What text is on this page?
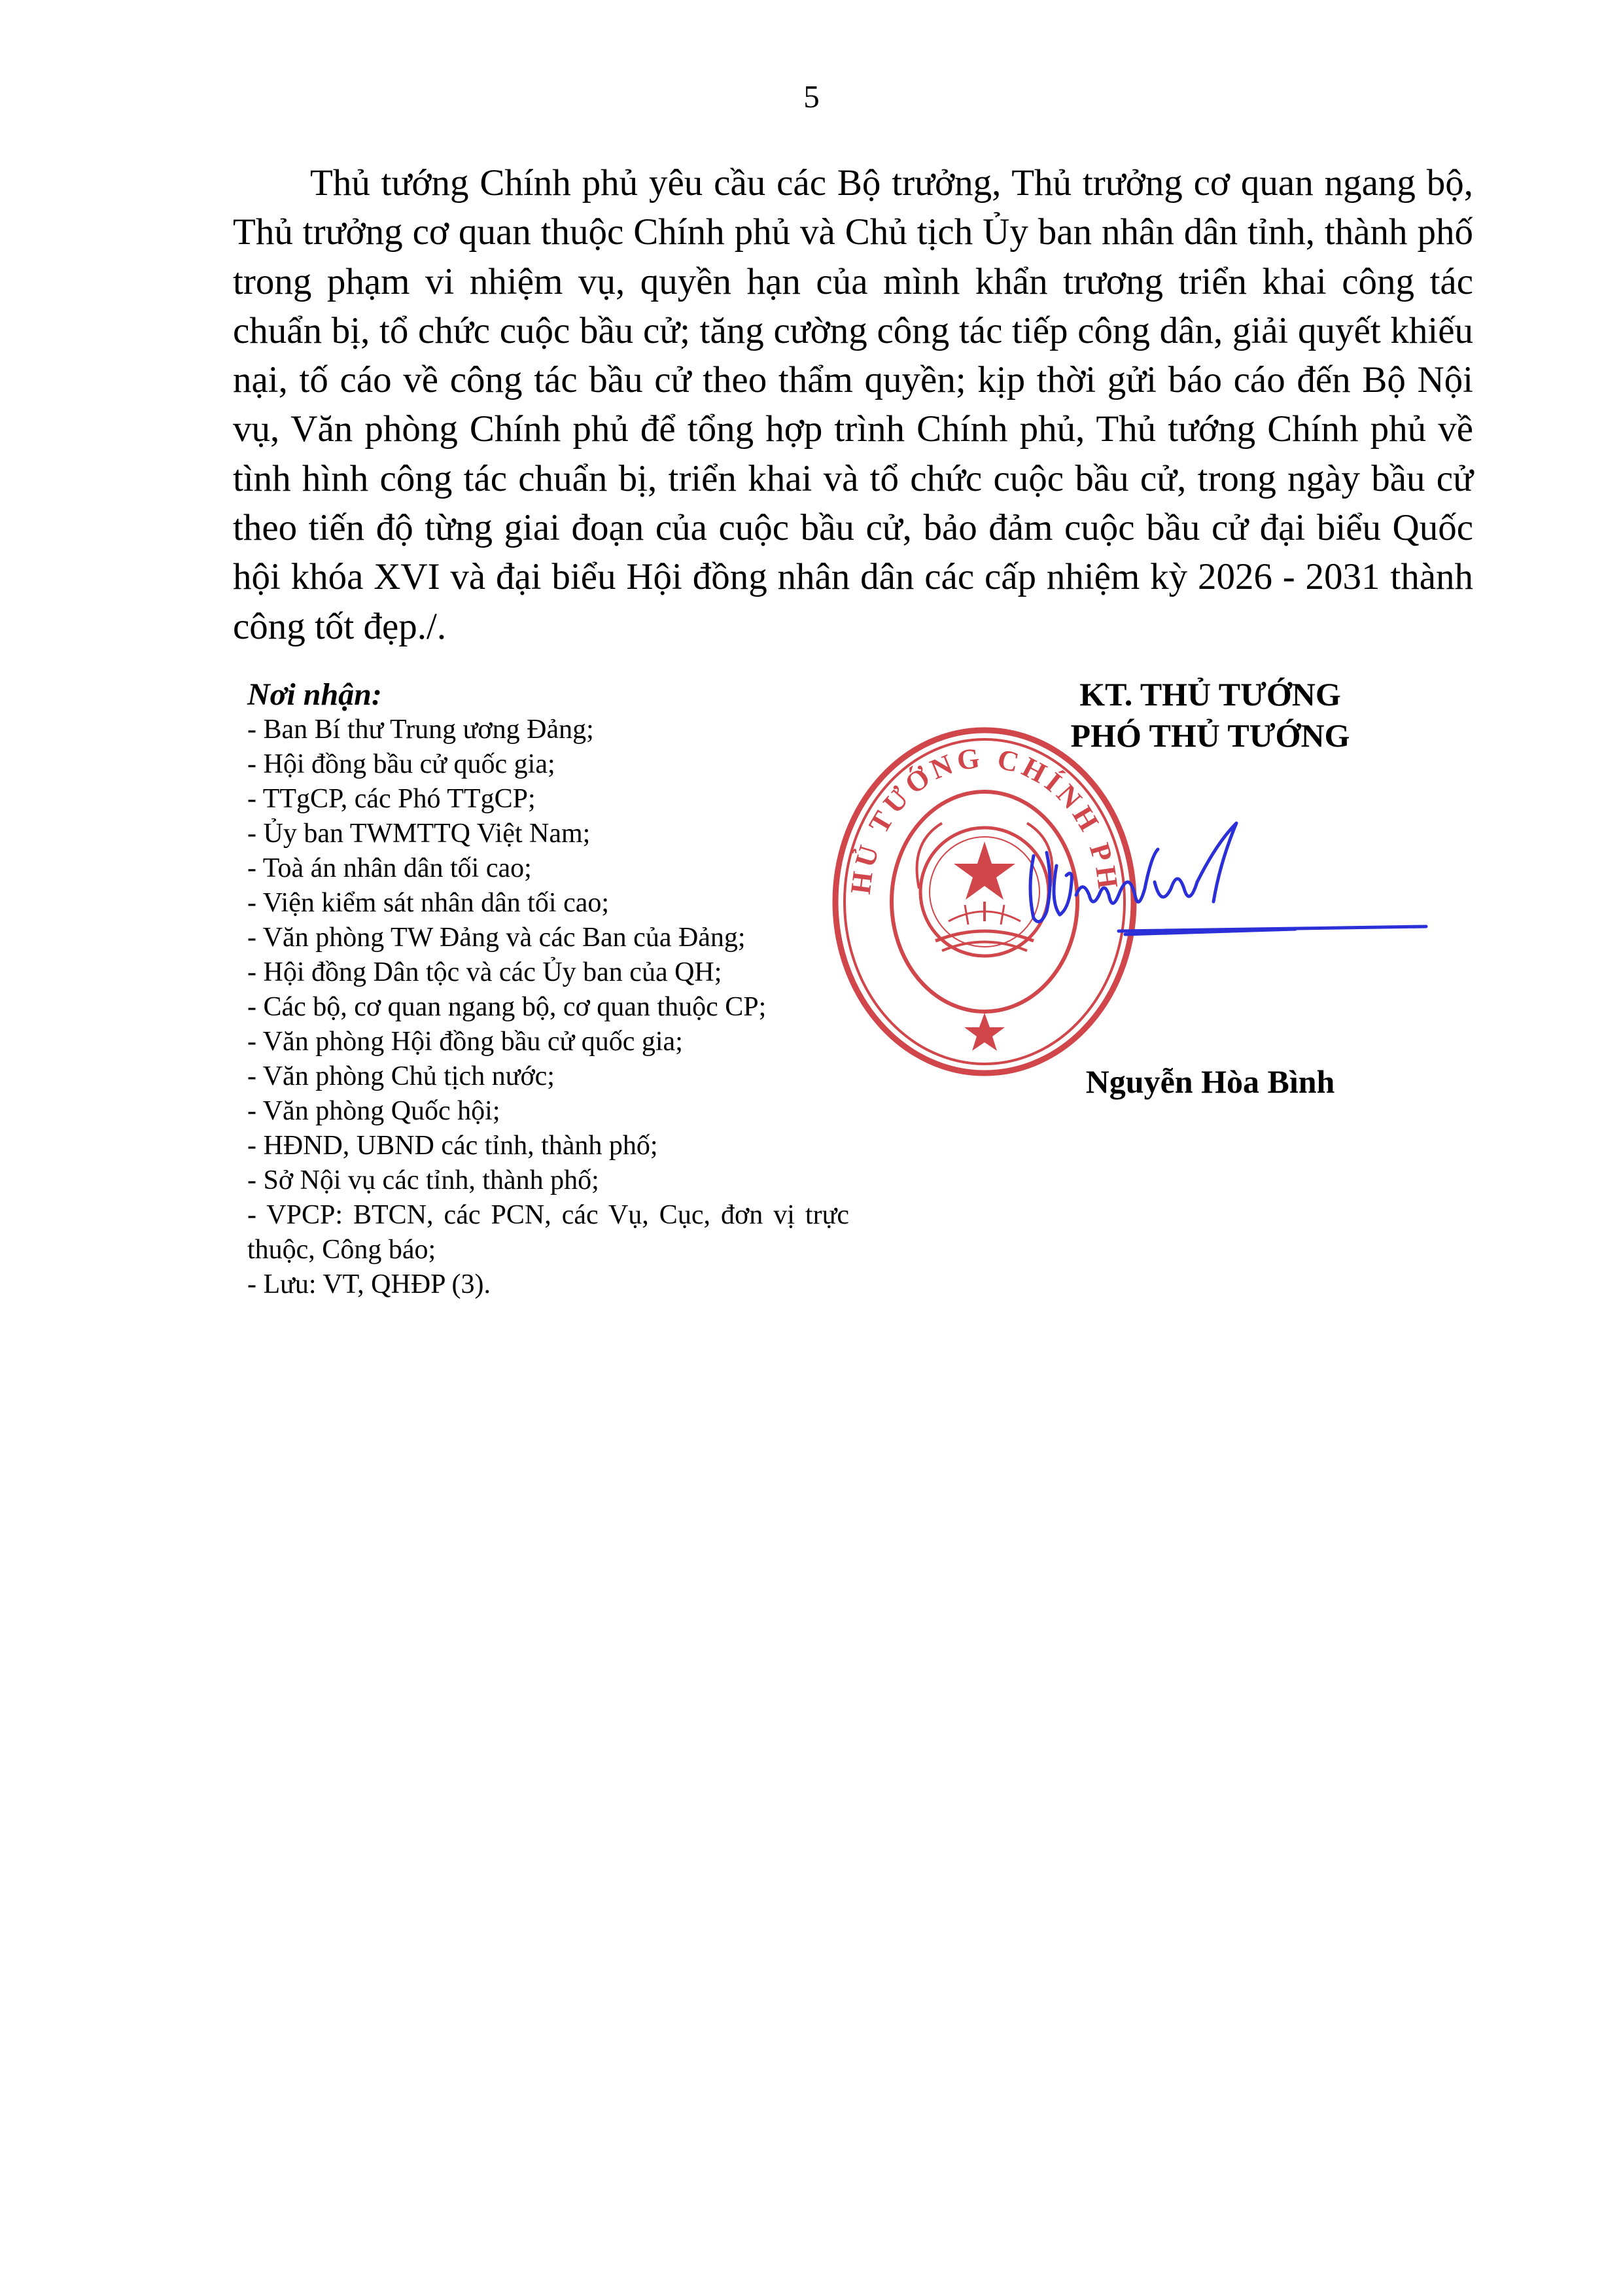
5

Thủ tướng Chính phủ yêu cầu các Bộ trưởng, Thủ trưởng cơ quan ngang bộ, Thủ trưởng cơ quan thuộc Chính phủ và Chủ tịch Ủy ban nhân dân tỉnh, thành phố trong phạm vi nhiệm vụ, quyền hạn của mình khẩn trương triển khai công tác chuẩn bị, tổ chức cuộc bầu cử; tăng cường công tác tiếp công dân, giải quyết khiếu nại, tố cáo về công tác bầu cử theo thẩm quyền; kịp thời gửi báo cáo đến Bộ Nội vụ, Văn phòng Chính phủ để tổng hợp trình Chính phủ, Thủ tướng Chính phủ về tình hình công tác chuẩn bị, triển khai và tổ chức cuộc bầu cử, trong ngày bầu cử theo tiến độ từng giai đoạn của cuộc bầu cử, bảo đảm cuộc bầu cử đại biểu Quốc hội khóa XVI và đại biểu Hội đồng nhân dân các cấp nhiệm kỳ 2026 - 2031 thành công tốt đẹp./.

Nơi nhận:
- Ban Bí thư Trung ương Đảng;
- Hội đồng bầu cử quốc gia;
- TTgCP, các Phó TTgCP;
- Ủy ban TWMTTQ Việt Nam;
- Toà án nhân dân tối cao;
- Viện kiểm sát nhân dân tối cao;
- Văn phòng TW Đảng và các Ban của Đảng;
- Hội đồng Dân tộc và các Ủy ban của QH;
- Các bộ, cơ quan ngang bộ, cơ quan thuộc CP;
- Văn phòng Hội đồng bầu cử quốc gia;
- Văn phòng Chủ tịch nước;
- Văn phòng Quốc hội;
- HĐND, UBND các tỉnh, thành phố;
- Sở Nội vụ các tỉnh, thành phố;
- VPCP: BTCN, các PCN, các Vụ, Cục, đơn vị trực thuộc, Công báo;
- Lưu: VT, QHĐP (3).
KT. THỦ TƯỚNG
PHÓ THỦ TƯỚNG
HỦ TƯỚNG CHÍNH PH
Nguyễn Hòa Bình
